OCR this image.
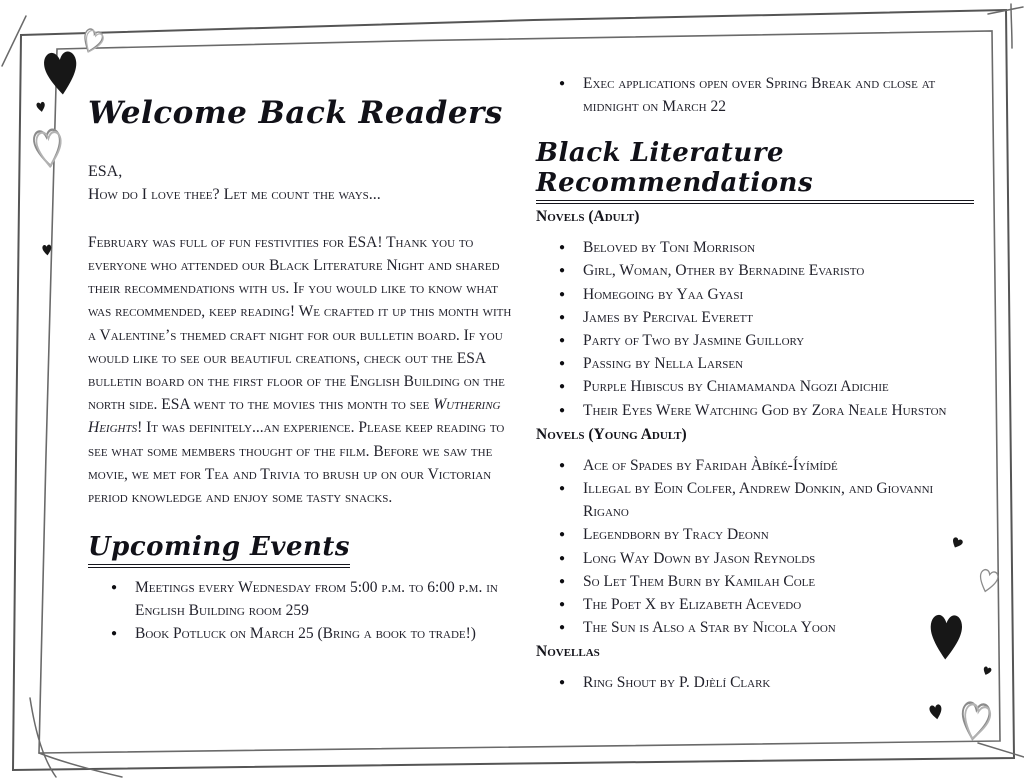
Welcome Back Readers

ESA,
How do I love thee? Let me count the ways...

February was full of fun festivities for ESA! Thank you to everyone who attended our Black Literature Night and shared their recommendations with us. If you would like to know what was recommended, keep reading! We crafted it up this month with a Valentine’s themed craft night for our bulletin board. If you would like to see our beautiful creations, check out the ESA bulletin board on the first floor of the English Building on the north side. ESA went to the movies this month to see Wuthering Heights! It was definitely...an experience. Please keep reading to see what some members thought of the film. Before we saw the movie, we met for Tea and Trivia to brush up on our Victorian period knowledge and enjoy some tasty snacks.

Upcoming Events
● Meetings every Wednesday from 5:00 p.m. to 6:00 p.m. in English Building room 259
● Book Potluck on March 25 (Bring a book to trade!)
● Exec applications open over Spring Break and close at midnight on March 22
Black Literature Recommendations
Novels (Adult)
● Beloved by Toni Morrison
● Girl, Woman, Other by Bernadine Evaristo
● Homegoing by Yaa Gyasi
● James by Percival Everett
● Party of Two by Jasmine Guillory
● Passing by Nella Larsen
● Purple Hibiscus by Chiamamanda Ngozi Adichie
● Their Eyes Were Watching God by Zora Neale Hurston
Novels (Young Adult)
● Ace of Spades by Faridah Àbíké-Íyímídé
● Illegal by Eoin Colfer, Andrew Donkin, and Giovanni Rigano
● Legendborn by Tracy Deonn
● Long Way Down by Jason Reynolds
● So Let Them Burn by Kamilah Cole
● The Poet X by Elizabeth Acevedo
● The Sun is Also a Star by Nicola Yoon
Novellas
● Ring Shout by P. Djèlí Clark
